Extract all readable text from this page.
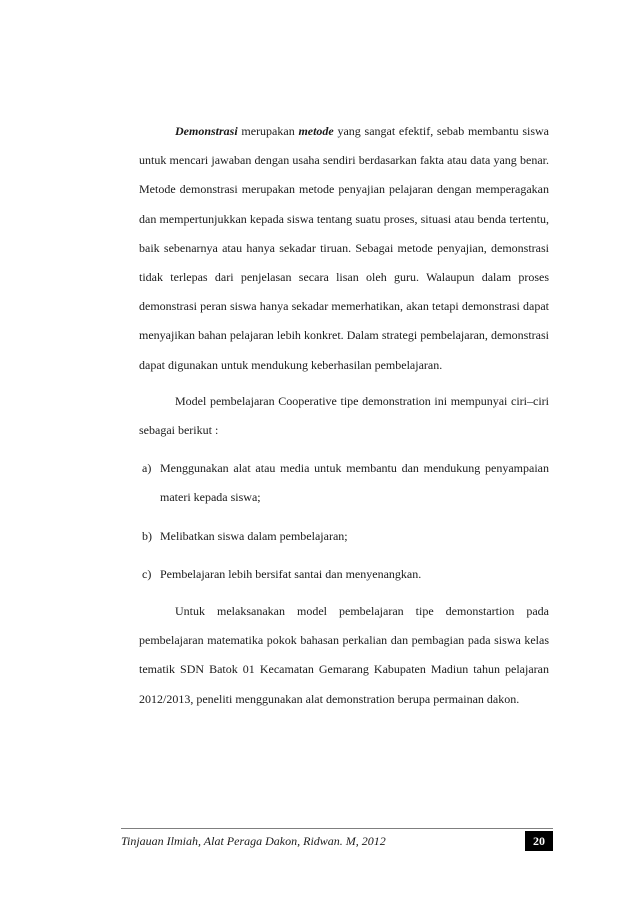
Demonstrasi merupakan metode yang sangat efektif, sebab membantu siswa untuk mencari jawaban dengan usaha sendiri berdasarkan fakta atau data yang benar. Metode demonstrasi merupakan metode penyajian pelajaran dengan memperagakan dan mempertunjukkan kepada siswa tentang suatu proses, situasi atau benda tertentu, baik sebenarnya atau hanya sekadar tiruan. Sebagai metode penyajian, demonstrasi tidak terlepas dari penjelasan secara lisan oleh guru. Walaupun dalam proses demonstrasi peran siswa hanya sekadar memerhatikan, akan tetapi demonstrasi dapat menyajikan bahan pelajaran lebih konkret. Dalam strategi pembelajaran, demonstrasi dapat digunakan untuk mendukung keberhasilan pembelajaran.

Model pembelajaran Cooperative tipe demonstration ini mempunyai ciri–ciri sebagai berikut :

a) Menggunakan alat atau media untuk membantu dan mendukung penyampaian materi kepada siswa;
b) Melibatkan siswa dalam pembelajaran;
c) Pembelajaran lebih bersifat santai dan menyenangkan.

Untuk melaksanakan model pembelajaran tipe demonstartion pada pembelajaran matematika pokok bahasan perkalian dan pembagian pada siswa kelas tematik SDN Batok 01 Kecamatan Gemarang Kabupaten Madiun tahun pelajaran 2012/2013, peneliti menggunakan alat demonstration berupa permainan dakon.

Tinjauan Ilmiah, Alat Peraga Dakon, Ridwan. M, 2012	20
